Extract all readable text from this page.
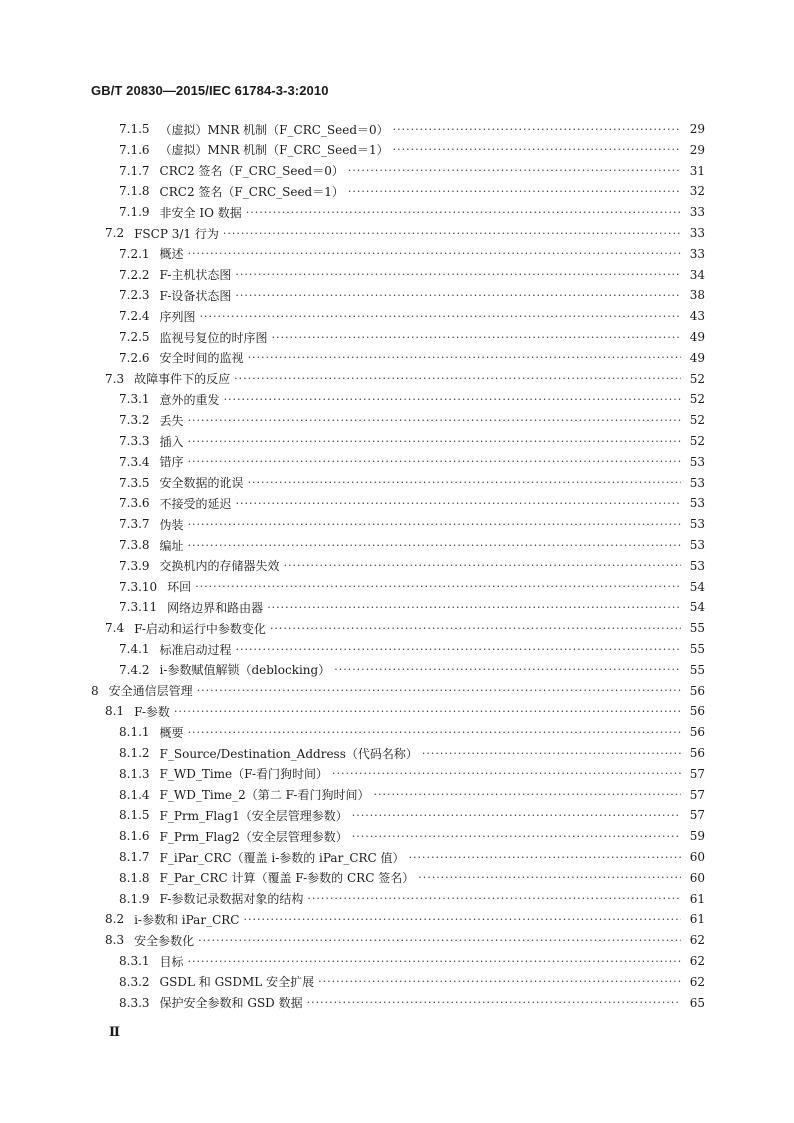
GB/T 20830—2015/IEC 61784-3-3:2010
7.1.5 （虚拟）MNR 机制（F_CRC_Seed＝0） ·····	29
7.1.6 （虚拟）MNR 机制（F_CRC_Seed＝1） ·····	29
7.1.7 CRC2 签名（F_CRC_Seed＝0） ·····	31
7.1.8 CRC2 签名（F_CRC_Seed＝1） ·····	32
7.1.9 非安全 IO 数据 ·····	33
7.2 FSCP 3/1 行为 ·····	33
7.2.1 概述 ·····	33
7.2.2 F-主机状态图 ·····	34
7.2.3 F-设备状态图 ·····	38
7.2.4 序列图 ·····	43
7.2.5 监视号复位的时序图 ·····	49
7.2.6 安全时间的监视 ·····	49
7.3 故障事件下的反应 ·····	52
7.3.1 意外的重发 ·····	52
7.3.2 丢失 ·····	52
7.3.3 插入 ·····	52
7.3.4 错序 ·····	53
7.3.5 安全数据的讹误 ·····	53
7.3.6 不接受的延迟 ·····	53
7.3.7 伪装 ·····	53
7.3.8 编址 ·····	53
7.3.9 交换机内的存储器失效 ·····	53
7.3.10 环回 ·····	54
7.3.11 网络边界和路由器 ·····	54
7.4 F-启动和运行中参数变化 ·····	55
7.4.1 标准启动过程 ·····	55
7.4.2 i-参数赋值解锁（deblocking） ·····	55
8 安全通信层管理 ·····	56
8.1 F-参数 ·····	56
8.1.1 概要 ·····	56
8.1.2 F_Source/Destination_Address（代码名称） ·····	56
8.1.3 F_WD_Time（F-看门狗时间） ·····	57
8.1.4 F_WD_Time_2（第二 F-看门狗时间） ·····	57
8.1.5 F_Prm_Flag1（安全层管理参数） ·····	57
8.1.6 F_Prm_Flag2（安全层管理参数） ·····	59
8.1.7 F_iPar_CRC（覆盖 i-参数的 iPar_CRC 值） ·····	60
8.1.8 F_Par_CRC 计算（覆盖 F-参数的 CRC 签名） ·····	60
8.1.9 F-参数记录数据对象的结构 ·····	61
8.2 i-参数和 iPar_CRC ·····	61
8.3 安全参数化 ·····	62
8.3.1 目标 ·····	62
8.3.2 GSDL 和 GSDML 安全扩展 ·····	62
8.3.3 保护安全参数和 GSD 数据 ·····	65
Ⅱ
